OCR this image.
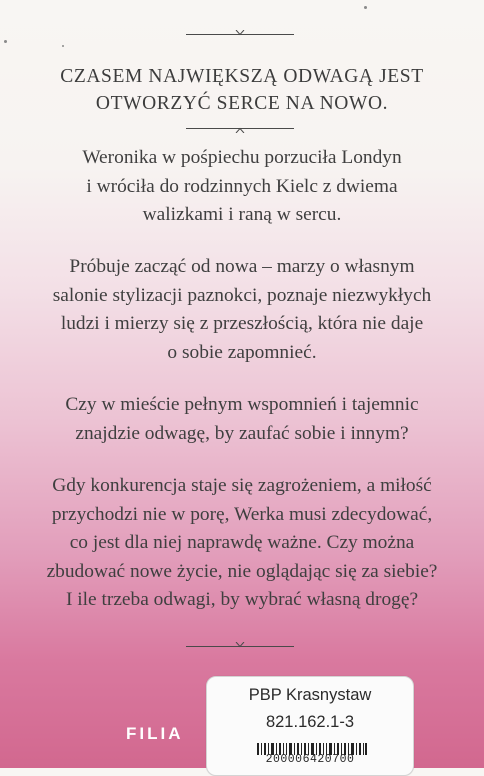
CZASEM NAJWIĘKSZĄ ODWAGĄ JEST
OTWORZYĆ SERCE NA NOWO.
Weronika w pośpiechu porzuciła Londyn
i wróciła do rodzinnych Kielc z dwiema
walizkami i raną w sercu.
Próbuje zacząć od nowa – marzy o własnym
salonie stylizacji paznokci, poznaje niezwykłych
ludzi i mierzy się z przeszłością, która nie daje
o sobie zapomnieć.
Czy w mieście pełnym wspomnień i tajemnic
znajdzie odwagę, by zaufać sobie i innym?
Gdy konkurencja staje się zagrożeniem, a miłość
przychodzi nie w porę, Werka musi zdecydować,
co jest dla niej naprawdę ważne. Czy można
zbudować nowe życie, nie oglądając się za siebie?
I ile trzeba odwagi, by wybrać własną drogę?
FILIA
PBP Krasnystaw
821.162.1-3
200006420700
